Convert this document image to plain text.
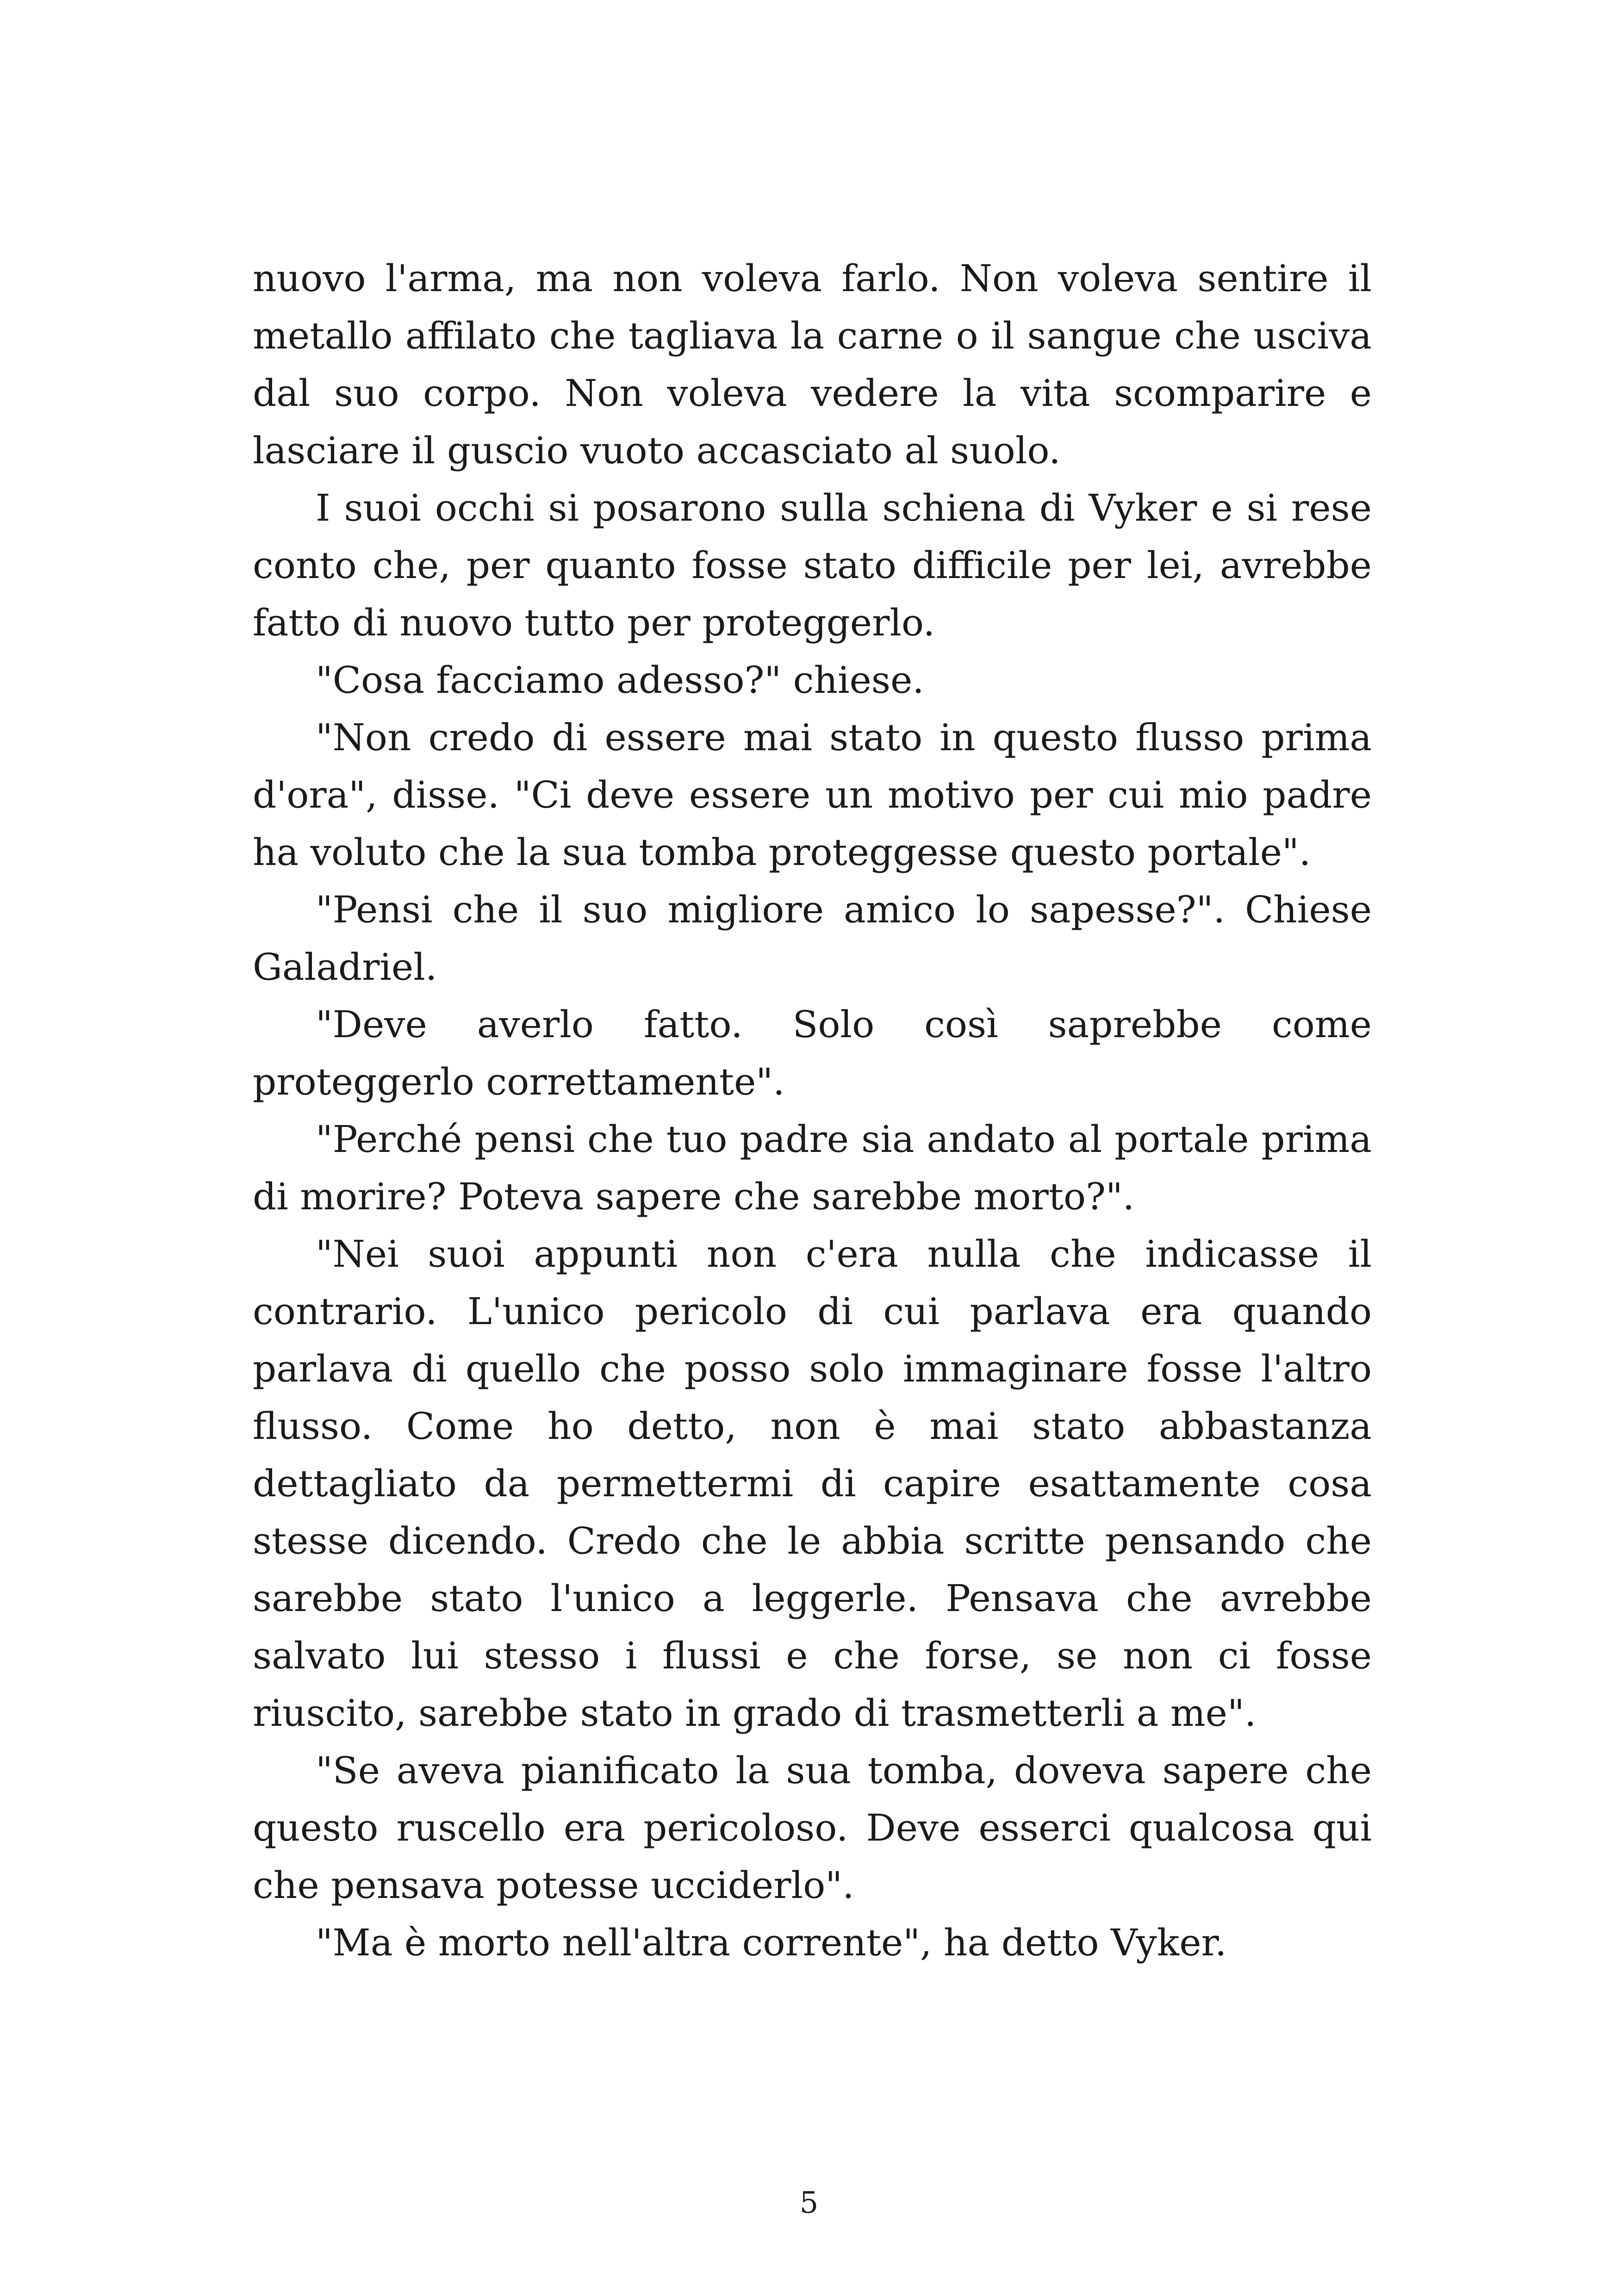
nuovo l'arma, ma non voleva farlo. Non voleva sentire il metallo affilato che tagliava la carne o il sangue che usciva dal suo corpo. Non voleva vedere la vita scomparire e lasciare il guscio vuoto accasciato al suolo.

I suoi occhi si posarono sulla schiena di Vyker e si rese conto che, per quanto fosse stato difficile per lei, avrebbe fatto di nuovo tutto per proteggerlo.

"Cosa facciamo adesso?" chiese.

"Non credo di essere mai stato in questo flusso prima d'ora", disse. "Ci deve essere un motivo per cui mio padre ha voluto che la sua tomba proteggesse questo portale".

"Pensi che il suo migliore amico lo sapesse?". Chiese Galadriel.

"Deve averlo fatto. Solo così saprebbe come proteggerlo correttamente".

"Perché pensi che tuo padre sia andato al portale prima di morire? Poteva sapere che sarebbe morto?".

"Nei suoi appunti non c'era nulla che indicasse il contrario. L'unico pericolo di cui parlava era quando parlava di quello che posso solo immaginare fosse l'altro flusso. Come ho detto, non è mai stato abbastanza dettagliato da permettermi di capire esattamente cosa stesse dicendo. Credo che le abbia scritte pensando che sarebbe stato l'unico a leggerle. Pensava che avrebbe salvato lui stesso i flussi e che forse, se non ci fosse riuscito, sarebbe stato in grado di trasmetterli a me".

"Se aveva pianificato la sua tomba, doveva sapere che questo ruscello era pericoloso. Deve esserci qualcosa qui che pensava potesse ucciderlo".

"Ma è morto nell'altra corrente", ha detto Vyker.

5
